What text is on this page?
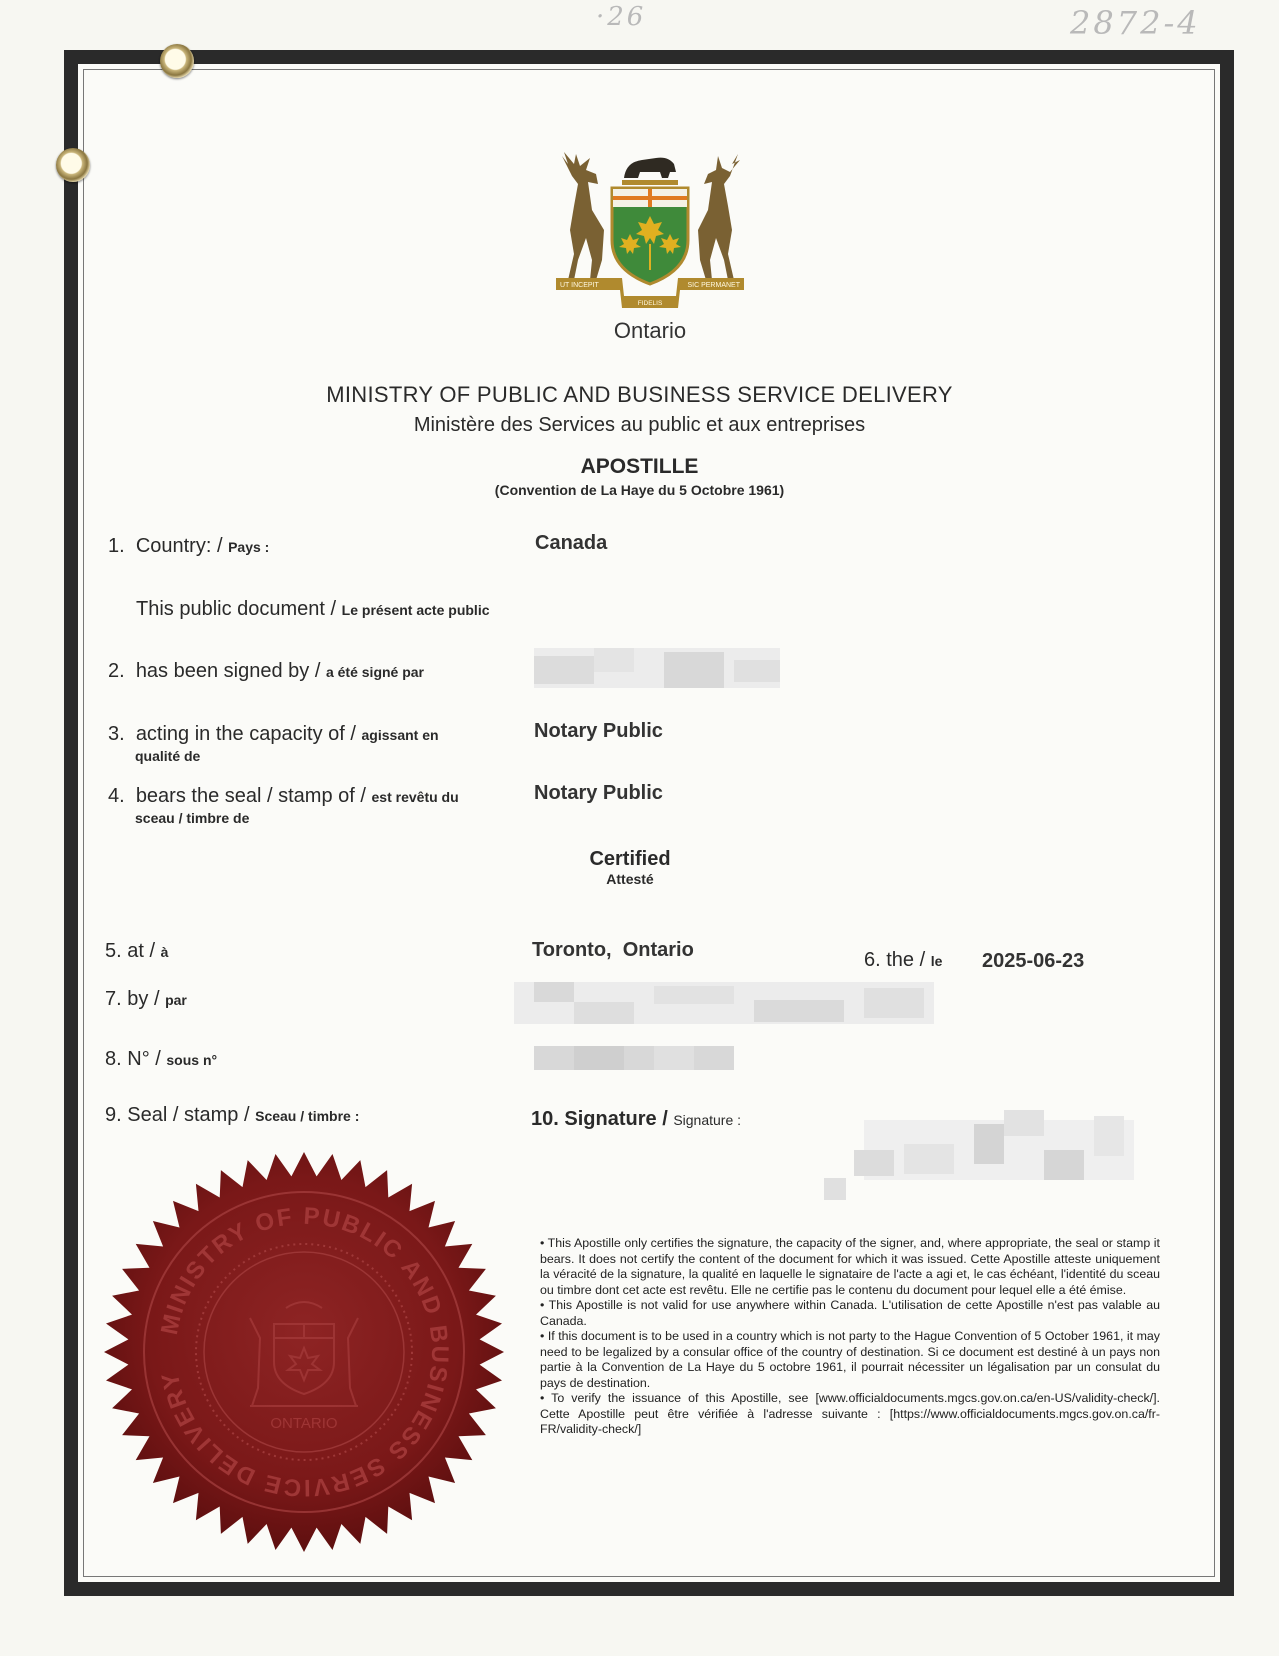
·26	2872-4
UT INCEPIT
FIDELIS
SIC PERMANET
Ontario
MINISTRY OF PUBLIC AND BUSINESS SERVICE DELIVERY
Ministère des Services au public et aux entreprises
APOSTILLE
(Convention de La Haye du 5 Octobre 1961)
1. Country: / Pays :	Canada
This public document / Le présent acte public
2. has been signed by / a été signé par
3. acting in the capacity of / agissant en
qualité de
Notary Public
4. bears the seal / stamp of / est revêtu du
sceau / timbre de
Notary Public
Certified
Attesté
5. at / à	Toronto,  Ontario	6. the / le 2025-06-23
7. by / par
8. N° / sous n°
9. Seal / stamp / Sceau / timbre :	10. Signature / Signature :
MINISTRY OF PUBLIC AND BUSINESS SERVICE DELIVERY
ONTARIO

• This Apostille only certifies the signature, the capacity of the signer, and, where appropriate, the seal or stamp it bears. It does not certify the content of the document for which it was issued. Cette Apostille atteste uniquement la véracité de la signature, la qualité en laquelle le signataire de l'acte a agi et, le cas échéant, l'identité du sceau ou timbre dont cet acte est revêtu. Elle ne certifie pas le contenu du document pour lequel elle a été émise.

• This Apostille is not valid for use anywhere within Canada. L'utilisation de cette Apostille n'est pas valable au Canada.

• If this document is to be used in a country which is not party to the Hague Convention of 5 October 1961, it may need to be legalized by a consular office of the country of destination. Si ce document est destiné à un pays non partie à la Convention de La Haye du 5 octobre 1961, il pourrait nécessiter un légalisation par un consulat du pays de destination.

• To verify the issuance of this Apostille, see [www.officialdocuments.mgcs.gov.on.ca/en-US/validity-check/]. Cette Apostille peut être vérifiée à l'adresse suivante : [https://www.officialdocuments.mgcs.gov.on.ca/fr-FR/validity-check/]
